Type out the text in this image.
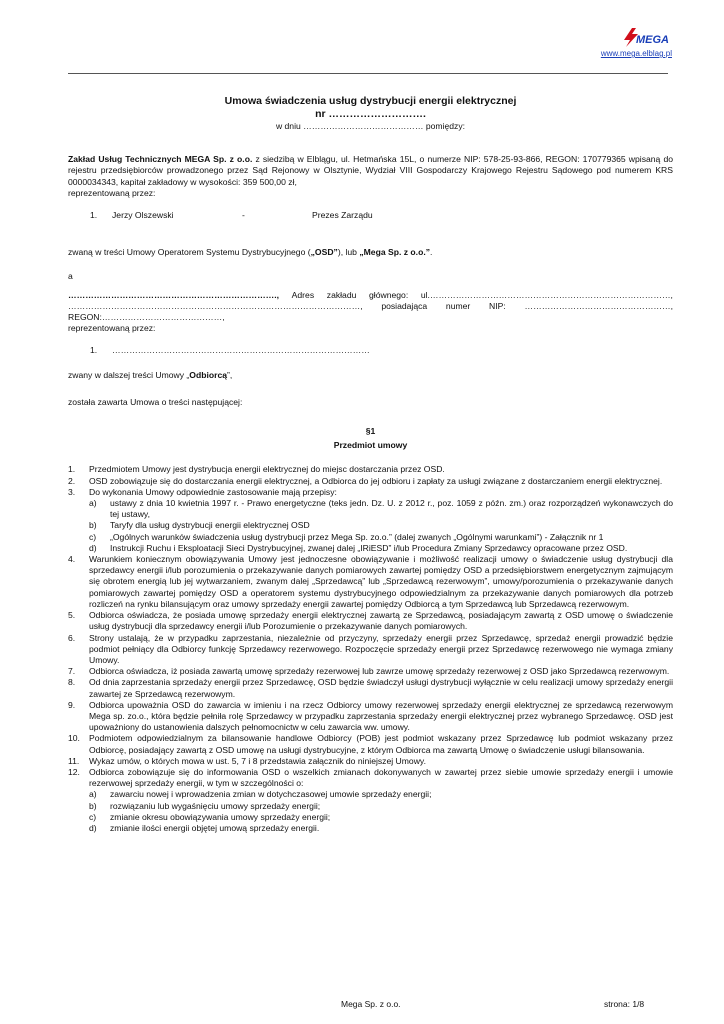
MEGA
www.mega.elblag.pl

Umowa świadczenia usług dystrybucji energii elektrycznej

nr ……………………….

w dniu …………………………………… pomiędzy:

Zakład Usług Technicznych MEGA Sp. z o.o. z siedzibą w Elblągu, ul. Hetmańska 15L, o numerze NIP: 578-25-93-866, REGON: 170779365 wpisaną do rejestru przedsiębiorców prowadzonego przez Sąd Rejonowy w Olsztynie, Wydział VIII Gospodarczy Krajowego Rejestru Sądowego pod numerem KRS 0000034343, kapitał zakładowy w wysokości: 359 500,00 zł,

reprezentowaną przez:

1.	Jerzy Olszewski	-	Prezes Zarządu

zwaną w treści Umowy Operatorem Systemu Dystrybucyjnego („OSD”), lub „Mega Sp. z o.o.”.

a

………………………………………………………………., Adres zakładu głównego: ul.…………………………………………………………………………,

…………………………………………………………………………………………, posiadająca numer NIP: ……………………………………………, REGON:……………………………………,

reprezentowaną przez:

1.	………………………………………………………………………………

zwany w dalszej treści Umowy „Odbiorcą”,

została zawarta Umowa o treści następującej:

§1

Przedmiot umowy

1. Przedmiotem Umowy jest dystrybucja energii elektrycznej do miejsc dostarczania przez OSD.
2. OSD zobowiązuje się do dostarczania energii elektrycznej, a Odbiorca do jej odbioru i zapłaty za usługi związane z dostarczaniem energii elektrycznej.
3. Do wykonania Umowy odpowiednie zastosowanie mają przepisy:
a) ustawy z dnia 10 kwietnia 1997 r. - Prawo energetyczne (teks jedn. Dz. U. z 2012 r., poz. 1059 z późn. zm.) oraz rozporządzeń wykonawczych do tej ustawy,
b) Taryfy dla usług dystrybucji energii elektrycznej OSD
c) „Ogólnych warunków świadczenia usług dystrybucji przez Mega Sp. zo.o.” (dalej zwanych „Ogólnymi warunkami”) - Załącznik nr 1
d) Instrukcji Ruchu i Eksploatacji Sieci Dystrybucyjnej, zwanej dalej „IRiESD” i/lub Procedura Zmiany Sprzedawcy opracowane przez OSD.
4. Warunkiem koniecznym obowiązywania Umowy jest jednoczesne obowiązywanie i możliwość realizacji umowy o świadczenie usług dystrybucji dla sprzedawcy energii i/lub porozumienia o przekazywanie danych pomiarowych zawartej pomiędzy OSD a przedsiębiorstwem energetycznym zajmującym się obrotem energią lub jej wytwarzaniem, zwanym dalej „Sprzedawcą” lub „Sprzedawcą rezerwowym”, umowy/porozumienia o przekazywanie danych pomiarowych zawartej pomiędzy OSD a operatorem systemu dystrybucyjnego odpowiedzialnym za przekazywanie danych pomiarowych dla potrzeb rozliczeń na rynku bilansującym oraz umowy sprzedaży energii zawartej pomiędzy Odbiorcą a tym Sprzedawcą lub Sprzedawcą rezerwowym.
5. Odbiorca oświadcza, że posiada umowę sprzedaży energii elektrycznej zawartą ze Sprzedawcą, posiadającym zawartą z OSD umowę o świadczenie usług dystrybucji dla sprzedawcy energii i/lub Porozumienie o przekazywanie danych pomiarowych.
6. Strony ustalają, że w przypadku zaprzestania, niezależnie od przyczyny, sprzedaży energii przez Sprzedawcę, sprzedaż energii prowadzić będzie podmiot pełniący dla Odbiorcy funkcję Sprzedawcy rezerwowego. Rozpoczęcie sprzedaży energii przez Sprzedawcę rezerwowego nie wymaga zmiany Umowy.
7. Odbiorca oświadcza, iż posiada zawartą umowę sprzedaży rezerwowej lub zawrze umowę sprzedaży rezerwowej z OSD jako Sprzedawcą rezerwowym.
8. Od dnia zaprzestania sprzedaży energii przez Sprzedawcę, OSD będzie świadczył usługi dystrybucji wyłącznie w celu realizacji umowy sprzedaży energii zawartej ze Sprzedawcą rezerwowym.
9. Odbiorca upoważnia OSD do zawarcia w imieniu i na rzecz Odbiorcy umowy rezerwowej sprzedaży energii elektrycznej ze sprzedawcą rezerwowym Mega sp. zo.o., która będzie pełniła rolę Sprzedawcy w przypadku zaprzestania sprzedaży energii elektrycznej przez wybranego Sprzedawcę. OSD jest upoważniony do ustanowienia dalszych pełnomocnictw w celu zawarcia ww. umowy.
10. Podmiotem odpowiedzialnym za bilansowanie handlowe Odbiorcy (POB) jest podmiot wskazany przez Sprzedawcę lub podmiot wskazany przez Odbiorcę, posiadający zawartą z OSD umowę na usługi dystrybucyjne, z którym Odbiorca ma zawartą Umowę o świadczenie usługi bilansowania.
11. Wykaz umów, o których mowa w ust. 5, 7 i 8 przedstawia załącznik do niniejszej Umowy.
12. Odbiorca zobowiązuje się do informowania OSD o wszelkich zmianach dokonywanych w zawartej przez siebie umowie sprzedaży energii i umowie rezerwowej sprzedaży energii, w tym w szczególności o:
a) zawarciu nowej i wprowadzenia zmian w dotychczasowej umowie sprzedaży energii;
b) rozwiązaniu lub wygaśnięciu umowy sprzedaży energii;
c) zmianie okresu obowiązywania umowy sprzedaży energii;
d) zmianie ilości energii objętej umową sprzedaży energii.
Mega Sp. z o.o.	strona: 1/8
